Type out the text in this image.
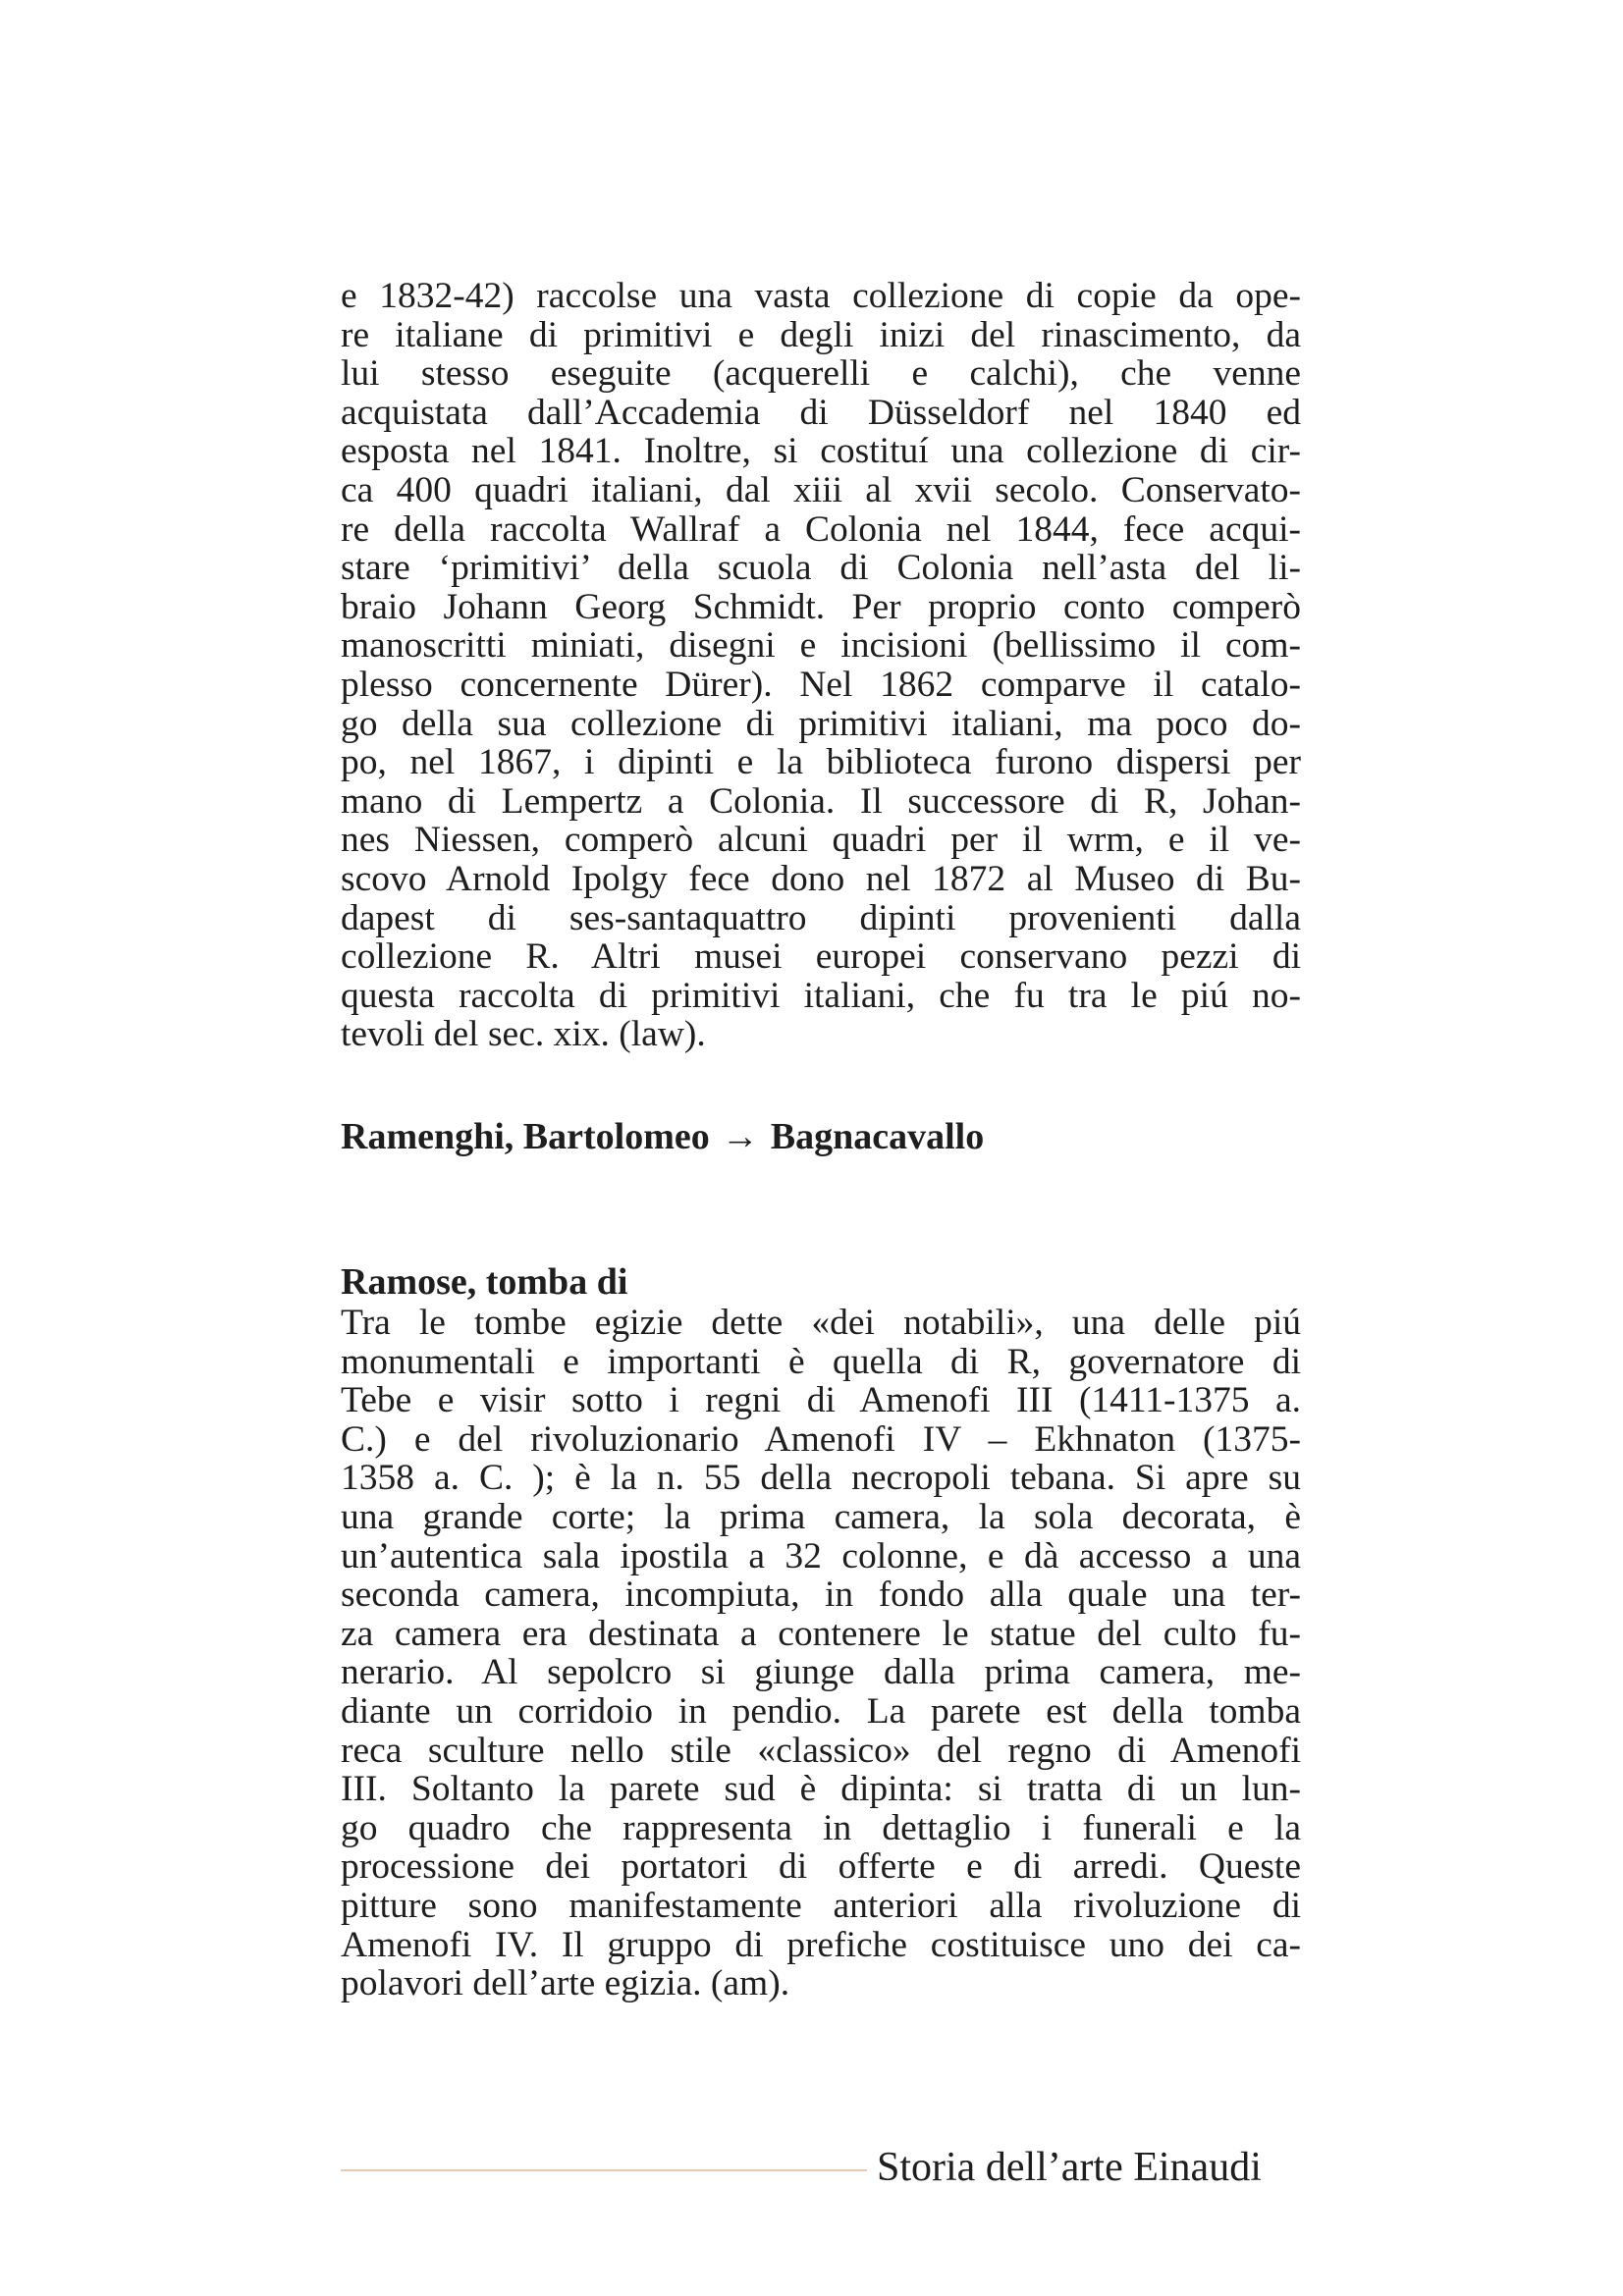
e 1832-42) raccolse una vasta collezione di copie da ope-
re italiane di primitivi e degli inizi del rinascimento, da
lui stesso eseguite (acquerelli e calchi), che venne
acquistata dall’Accademia di Düsseldorf nel 1840 ed
esposta nel 1841. Inoltre, si costituí una collezione di cir-
ca 400 quadri italiani, dal xiii al xvii secolo. Conservato-
re della raccolta Wallraf a Colonia nel 1844, fece acqui-
stare ‘primitivi’ della scuola di Colonia nell’asta del li-
braio Johann Georg Schmidt. Per proprio conto comperò
manoscritti miniati, disegni e incisioni (bellissimo il com-
plesso concernente Dürer). Nel 1862 comparve il catalo-
go della sua collezione di primitivi italiani, ma poco do-
po, nel 1867, i dipinti e la biblioteca furono dispersi per
mano di Lempertz a Colonia. Il successore di R, Johan-
nes Niessen, comperò alcuni quadri per il wrm, e il ve-
scovo Arnold Ipolgy fece dono nel 1872 al Museo di Bu-
dapest di ses-santaquattro dipinti provenienti dalla
collezione R. Altri musei europei conservano pezzi di
questa raccolta di primitivi italiani, che fu tra le piú no-
tevoli del sec. xix. (law).
Ramenghi, Bartolomeo → Bagnacavallo
Ramose, tomba di
Tra le tombe egizie dette «dei notabili», una delle piú
monumentali e importanti è quella di R, governatore di
Tebe e visir sotto i regni di Amenofi III (1411-1375 a.
C.) e del rivoluzionario Amenofi IV – Ekhnaton (1375-
1358 a. C. ); è la n. 55 della necropoli tebana. Si apre su
una grande corte; la prima camera, la sola decorata, è
un’autentica sala ipostila a 32 colonne, e dà accesso a una
seconda camera, incompiuta, in fondo alla quale una ter-
za camera era destinata a contenere le statue del culto fu-
nerario. Al sepolcro si giunge dalla prima camera, me-
diante un corridoio in pendio. La parete est della tomba
reca sculture nello stile «classico» del regno di Amenofi
III. Soltanto la parete sud è dipinta: si tratta di un lun-
go quadro che rappresenta in dettaglio i funerali e la
processione dei portatori di offerte e di arredi. Queste
pitture sono manifestamente anteriori alla rivoluzione di
Amenofi IV. Il gruppo di prefiche costituisce uno dei ca-
polavori dell’arte egizia. (am).
Storia dell’arte Einaudi
